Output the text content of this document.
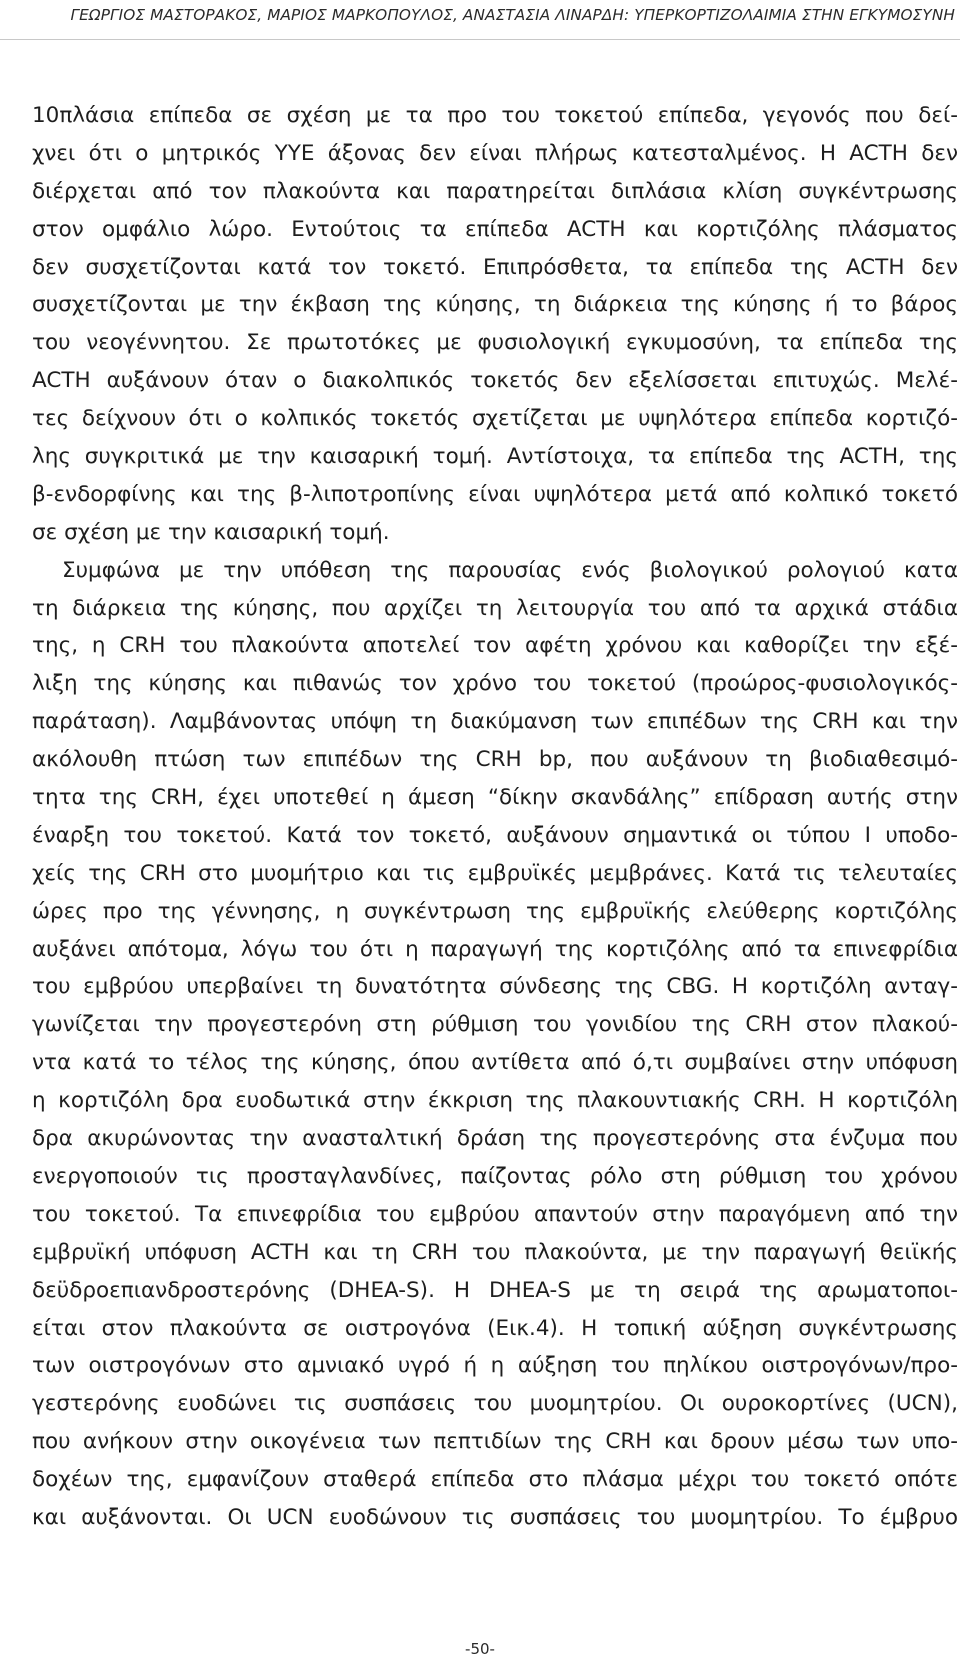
ΓΕΩΡΓΙΟΣ ΜΑΣΤΟΡΑΚΟΣ, ΜΑΡΙΟΣ ΜΑΡΚΟΠΟΥΛΟΣ, ΑΝΑΣΤΑΣΙΑ ΛΙΝΑΡΔΗ: ΥΠΕΡΚΟΡΤΙΖΟΛΑΙΜΙΑ ΣΤΗΝ ΕΓΚΥΜΟΣΥΝΗ
10πλάσια επίπεδα σε σχέση με τα προ του τοκετού επίπεδα, γεγονός που δεί-
χνει ότι ο μητρικός ΥΥΕ άξονας δεν είναι πλήρως κατεσταλμένος. Η ACTH δεν
διέρχεται από τον πλακούντα και παρατηρείται διπλάσια κλίση συγκέντρωσης
στον ομφάλιο λώρο. Εντούτοις τα επίπεδα ACTH και κορτιζόλης πλάσματος
δεν συσχετίζονται κατά τον τοκετό. Επιπρόσθετα, τα επίπεδα της ACTH δεν
συσχετίζονται με την έκβαση της κύησης, τη διάρκεια της κύησης ή το βάρος
του νεογέννητου. Σε πρωτοτόκες με φυσιολογική εγκυμοσύνη, τα επίπεδα της
ACTH αυξάνουν όταν ο διακολπικός τοκετός δεν εξελίσσεται επιτυχώς. Μελέ-
τες δείχνουν ότι ο κολπικός τοκετός σχετίζεται με υψηλότερα επίπεδα κορτιζό-
λης συγκριτικά με την καισαρική τομή. Αντίστοιχα, τα επίπεδα της ACTH, της
β-ενδορφίνης και της β-λιποτροπίνης είναι υψηλότερα μετά από κολπικό τοκετό
σε σχέση με την καισαρική τομή.
Συμφώνα με την υπόθεση της παρουσίας ενός βιολογικού ρολογιού κατα
τη διάρκεια της κύησης, που αρχίζει τη λειτουργία του από τα αρχικά στάδια
της, η CRH του πλακούντα αποτελεί τον αφέτη χρόνου και καθορίζει την εξέ-
λιξη της κύησης και πιθανώς τον χρόνο του τοκετού (προώρος-φυσιολογικός-
παράταση). Λαμβάνοντας υπόψη τη διακύμανση των επιπέδων της CRH και την
ακόλουθη πτώση των επιπέδων της CRH bp, που αυξάνουν τη βιοδιαθεσιμό-
τητα της CRH, έχει υποτεθεί η άμεση “δίκην σκανδάλης” επίδραση αυτής στην
έναρξη του τοκετού. Κατά τον τοκετό, αυξάνουν σημαντικά οι τύπου I υποδο-
χείς της CRH στο μυομήτριο και τις εμβρυϊκές μεμβράνες. Κατά τις τελευταίες
ώρες προ της γέννησης, η συγκέντρωση της εμβρυϊκής ελεύθερης κορτιζόλης
αυξάνει απότομα, λόγω του ότι η παραγωγή της κορτιζόλης από τα επινεφρίδια
του εμβρύου υπερβαίνει τη δυνατότητα σύνδεσης της CBG. Η κορτιζόλη ανταγ-
γωνίζεται την προγεστερόνη στη ρύθμιση του γονιδίου της CRH στον πλακού-
ντα κατά το τέλος της κύησης, όπου αντίθετα από ό,τι συμβαίνει στην υπόφυση
η κορτιζόλη δρα ευοδωτικά στην έκκριση της πλακουντιακής CRH. Η κορτιζόλη
δρα ακυρώνοντας την ανασταλτική δράση της προγεστερόνης στα ένζυμα που
ενεργοποιούν τις προσταγλανδίνες, παίζοντας ρόλο στη ρύθμιση του χρόνου
του τοκετού. Τα επινεφρίδια του εμβρύου απαντούν στην παραγόμενη από την
εμβρυϊκή υπόφυση ACTH και τη CRH του πλακούντα, με την παραγωγή θειϊκής
δεϋδροεπιανδροστερόνης (DHEA-S). Η DHEA-S με τη σειρά της αρωματοποι-
είται στον πλακούντα σε οιστρογόνα (Εικ.4). Η τοπική αύξηση συγκέντρωσης
των οιστρογόνων στο αμνιακό υγρό ή η αύξηση του πηλίκου οιστρογόνων/προ-
γεστερόνης ευοδώνει τις συσπάσεις του μυομητρίου. Οι ουροκορτίνες (UCN),
που ανήκουν στην οικογένεια των πεπτιδίων της CRH και δρουν μέσω των υπο-
δοχέων της, εμφανίζουν σταθερά επίπεδα στο πλάσμα μέχρι του τοκετό οπότε
και αυξάνονται. Οι UCN ευοδώνουν τις συσπάσεις του μυομητρίου. Το έμβρυο
-50-
